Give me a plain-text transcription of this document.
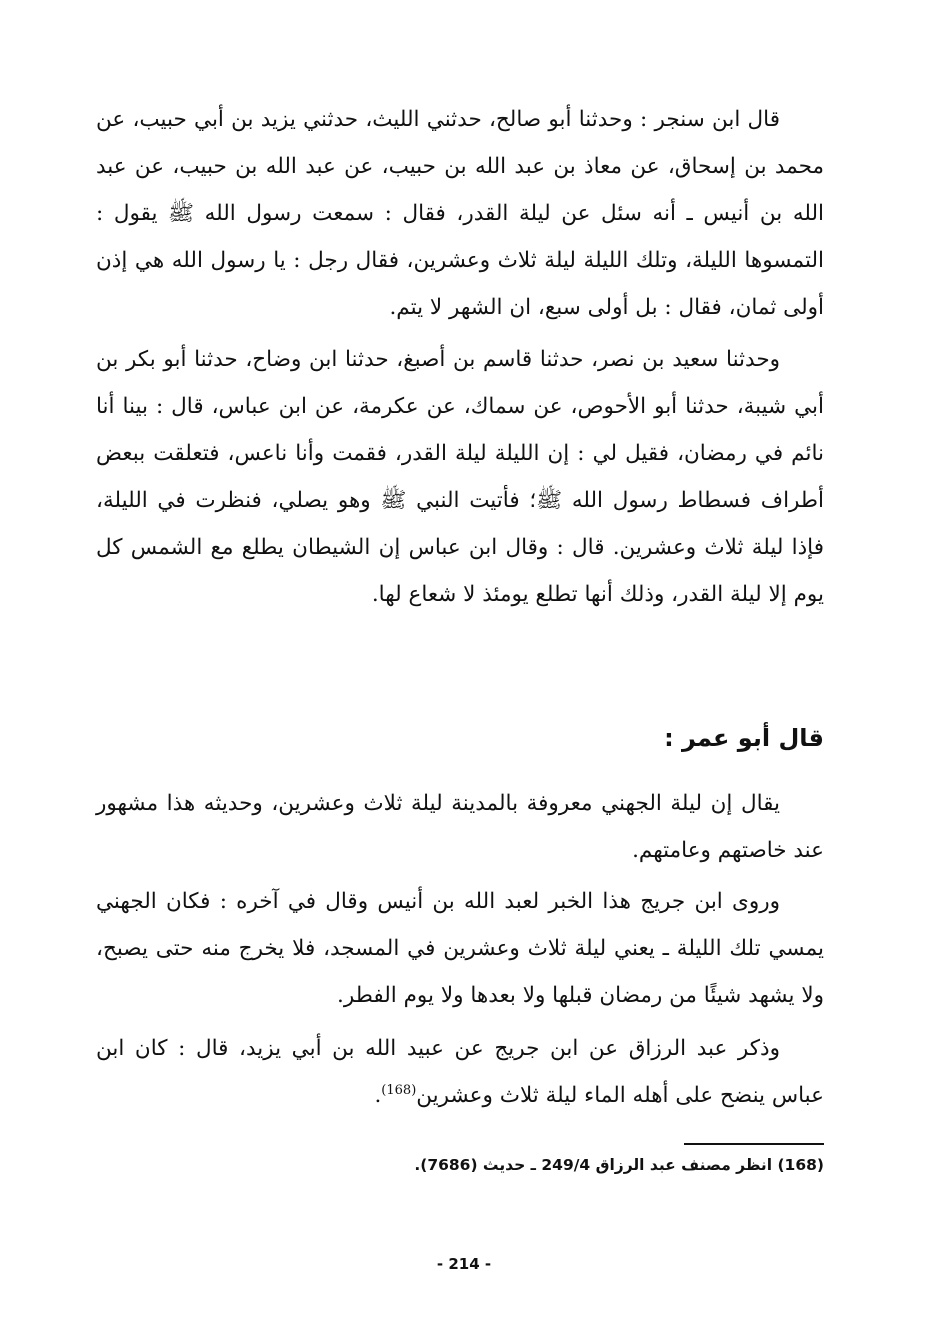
قال ابن سنجر : وحدثنا أبو صالح، حدثني الليث، حدثني يزيد بن أبي حبيب، عن محمد بن إسحاق، عن معاذ بن عبد الله بن حبيب، عن عبد الله بن حبيب، عن عبد الله بن أنيس ـ أنه سئل عن ليلة القدر، فقال : سمعت رسول الله ﷺ يقول : التمسوها الليلة، وتلك الليلة ليلة ثلاث وعشرين، فقال رجل : يا رسول الله هي إذن أولى ثمان، فقال : بل أولى سبع، ان الشهر لا يتم.

وحدثنا سعيد بن نصر، حدثنا قاسم بن أصبغ، حدثنا ابن وضاح، حدثنا أبو بكر بن أبي شيبة، حدثنا أبو الأحوص، عن سماك، عن عكرمة، عن ابن عباس، قال : بينا أنا نائم في رمضان، فقيل لي : إن الليلة ليلة القدر، فقمت وأنا ناعس، فتعلقت ببعض أطراف فسطاط رسول الله ﷺ؛ فأتيت النبي ﷺ وهو يصلي، فنظرت في الليلة، فإذا ليلة ثلاث وعشرين. قال : وقال ابن عباس إن الشيطان يطلع مع الشمس كل يوم إلا ليلة القدر، وذلك أنها تطلع يومئذ لا شعاع لها.

قال أبو عمر :

يقال إن ليلة الجهني معروفة بالمدينة ليلة ثلاث وعشرين، وحديثه هذا مشهور عند خاصتهم وعامتهم.

وروى ابن جريج هذا الخبر لعبد الله بن أنيس وقال في آخره : فكان الجهني يمسي تلك الليلة ـ يعني ليلة ثلاث وعشرين في المسجد، فلا يخرج منه حتى يصبح، ولا يشهد شيئًا من رمضان قبلها ولا بعدها ولا يوم الفطر.

وذكر عبد الرزاق عن ابن جريج عن عبيد الله بن أبي يزيد، قال : كان ابن عباس ينضح على أهله الماء ليلة ثلاث وعشرين$^{(168)}$.

(168) انظر مصنف عبد الرزاق 249/4 ـ حديث (7686).

- 214 -
